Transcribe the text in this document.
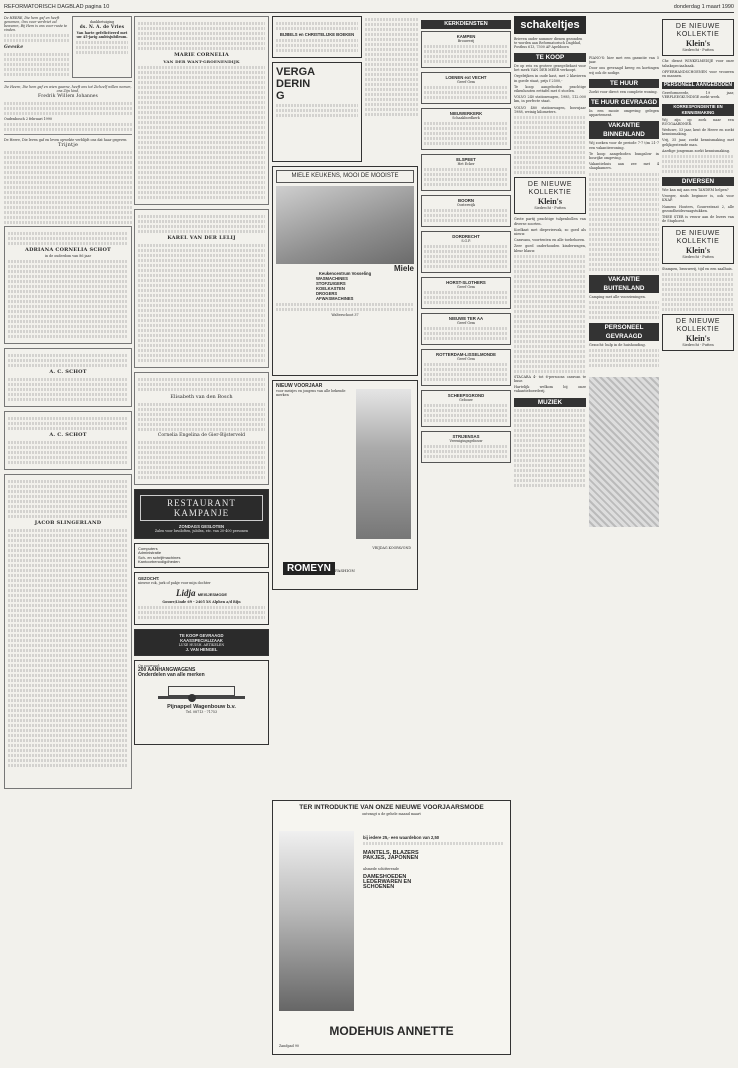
REFORMATORISCH DAGBLAD pagina 10	donderdag 1 maart 1990
De HEERE, Die hem gaf en heeft genomen, Ons voor verdriet zal bewaren, Bij Hem is ons voor ruste te vinden.
Geeske
dankbetuiging
ds. N. A. de Vries
Van harte gefeliciteerd met uw 45-jarig ambtsjubileum.
De Heere, Die hem gaf en wien gaarne, heeft ons tot Zichzelf willen nemen, ons Zijn kind,
Fredrik Willem Johannes
Oudenbosch 2 februari 1990
De Heere, Die leven gaf en leven opwekte verblijdt ons dat haar gegeven
Trijntje
ADRIANA CORNELIA SCHOT
in de ouderdom van 86 jaar
A. C. SCHOT
A. C. SCHOT
JACOB SLINGERLAND
MARIE CORNELIA
VAN DER WANT-GROENENDIJK
KAREL VAN DER LELIJ
Elisabeth van den Bosch
Cornelia Engelina de Gier-Bijsterveld
RESTAURANT KAMPANJE
ZONDAGS GESLOTEN
Zalen voor bruiloften, jubilea, etc. van 20-400 personen
Computers
Administratie
Sch- en schrijfmachines
Kantoorbenodigdheden
GEZOCHT:
nieuwe rok, jurk of pakje voor mijn dochter
Lidja MEISJESMODE
Gouwe/Linde 69 - 2405 XS Alphen a/d Rijn
TE KOOP GEVRAAGD
KAASSPECIALIZAAK
LUXE HUISH. ARTIKELEN
J. VAN HENGEL
Op voorraad:
200 AANHANGWAGENS
Onderdelen van alle merken
Pijnappel Wagenbouw b.v.
Tel. 08713 - 71753
BIJBELS en CHRISTELIJKE BOEKEN
VERGADERING
MIELE KEUKENS, MOOI DE MOOISTE
Miele
Keukencentrum Vosseling
WASMACHINES
STOFZUIGERS
KOELKASTEN
DROGERS
AFWASMACHINES
Walterschoot 37
NIEUW VOORJAAR
voor meisjes en jongens van alle bekende merken
VRIJDAG KOOPAVOND
ROMEYN	FASHION
KERKDIENSTEN
KAMPEN
Brouwerij
LOENEN ext VECHT
Geref Gem
NIEUWERKERK
Schaakbordkerk
ELSPEET
Het Ecker
BOORN
Oosterwijk
DORDRECHT
S.G.P.
HORST-SLOTHERS
Geref Gem
NIEUWE TER AA
Geref Gem
ROTTERDAM-LISSELMONDE
Geref Gem
SCHEEPSGROND
Gebouw
STRIJENSAS
Verenigingsgebouw
TER INTRODUKTIE VAN ONZE NIEUWE VOORJAARSMODE
ontvangt u de gehele maand maart
bij iedere 25,- een waardebon van 2,50
MANTELS, BLAZERS
PAKJES, JAPONNEN
alsmede schitterende
DAMESHOEDEN
LEDERWAREN EN
SCHOENEN
MODEHUIS ANNETTE
Zandpad 90
schakeltjes
Brieven onder nummer dienen gezonden te worden aan Reformatorisch Dagblad, Postbus 613, 7300 AP Apeldoorn
TE KOOP

De op reis en grotere gezegeliekast voor het merk VAN DER MEER verkoopt.

Orgelrijken in oude kast, met 2 klavieren in goede staat, prijs f 2500,-

Te koop aangeboden prachtige eikenhouten eettafel met 6 stoelen.

VOLVO 240 stationwagen, 1985, 112.000 km, in perfecte staat.

VOLVO 480 stationwagen, bouwjaar 1988, weinig kilometers.

DE NIEUWE
KOLLEKTIE
Klein's
Siedrecht - Putten

Grote partij prachtige tulpenbollen van diverse soorten.

Koelkast met diepvriesvak, zo goed als nieuw.

Caravans, voortenten en alle toebehoren.

Zeer goed onderhouden kinderwagen, kleur blauw.

STACARA 4- tot 6-persoons caravan te huur.

Hartelijk welkom bij onze vakantieboerderij.

MUZIEK

PIANO'S: hier met een garantie van 5 jaar.

Door ons gevraagd kreeg en kortingen wij ook de nodige.

TE HUUR

Zoekt voor direct een complete woning.

TE HUUR GEVRAAGD

In een mooie omgeving gelegen appartement.

VAKANTIE BINNENLAND

Wij zoeken voor de periode 7-7 t/m 21-7 een vakantiewoning.

Te koop aangeboden bungalow in bosrijke omgeving.

Vakantiehuis aan zee met 4 slaapkamers.

VAKANTIE BUITENLAND

Camping met alle voorzieningen.

PERSONEEL GEVRAAGD

Gezocht: hulp in de huishouding.

DE NIEUWE
KOLLEKTIE
Klein's
Siedrecht - Putten

Chr. dienst WINKELMEISJE voor onze tabakspeciaalzaak.

OFFERHANDSCHOENEN voor vrouwen en mannen.

PERSONEEL AANGEBODEN

Gereformeerde, 19 jaar, VERPLEEGKUNDIGE zoekt werk.

KORRESPONDENTIE EN KENNISMAKING

Wij zijn op zoek naar een RUGGAARDNER.

Weduwe, 53 jaar, kent de Heere en zoekt kennismaking.

Vrij, 35 jaar, zoekt kennismaking met gelijkgestemde man.

Aardige jongeman zoekt kennismaking.

DIVERSEN

Wie kan mij aan een TANDEM helpen?

Vroeger, sinds beginner is, ook voor KNAP.

Namens Houters, Gouwestraat 2, alle gezondheidsvraagstukken.

THEE STER is vrouw aan de lezers van de Staphorst.

DE NIEUWE
KOLLEKTIE
Klein's
Siedrecht - Putten

Stampen, brouwerij, tijd en een zaalhuis.

DE NIEUWE
KOLLEKTIE
Klein's
Siedrecht - Putten
